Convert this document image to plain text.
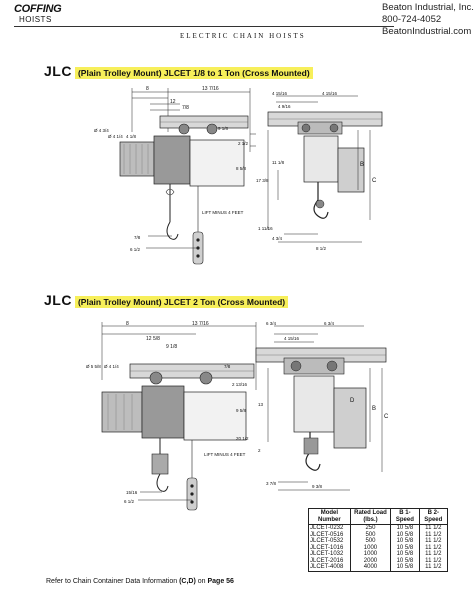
COFFING
HOISTS
ELECTRIC CHAIN HOISTS
Beaton Industrial, Inc.
800-724-4052
BeatonIndustrial.com
JLC (Plain Trolley Mount) JLCET 1/8 to 1 Ton (Cross Mounted)
8	13 7/16
12
7/8
9 1/8
2 1/2
8 5/8
LIFT MINUS 4 FEET
Ø 4 3/4
Ø 4 1/4 4 1/8
7/8
6 1/2
4 15/16	4 15/16
4 9/16
11 1/8
17 3/8
1 11/16
4 3/4
8 1/2
B
C
JLC (Plain Trolley Mount) JLCET 2 Ton (Cross Mounted)
8	13 7/16
12 5/8
9 1/8
Ø 5 5/8 Ø 4 1/4	7/8
2 13/16
9 5/8
20 1/2
LIFT MINUS 4 FEET
15/16
6 1/2
6 3/4	6 3/4
4 15/16
13
2
3 7/8
9 3/8
B
C
D
Model Number	Rated Load (lbs.)	B 1-Speed	B 2-Speed
JLCET-0232	250	10 5/8	11 1/2
JLCET-0516	500	10 5/8	11 1/2
JLCET-0532	500	10 5/8	11 1/2
JLCET-1016	1000	10 5/8	11 1/2
JLCET-1032	1000	10 5/8	11 1/2
JLCET-2016	2000	10 5/8	11 1/2
JLCET-4008	4000	10 5/8	11 1/2
Refer to Chain Container Data Information (C,D) on Page 56
